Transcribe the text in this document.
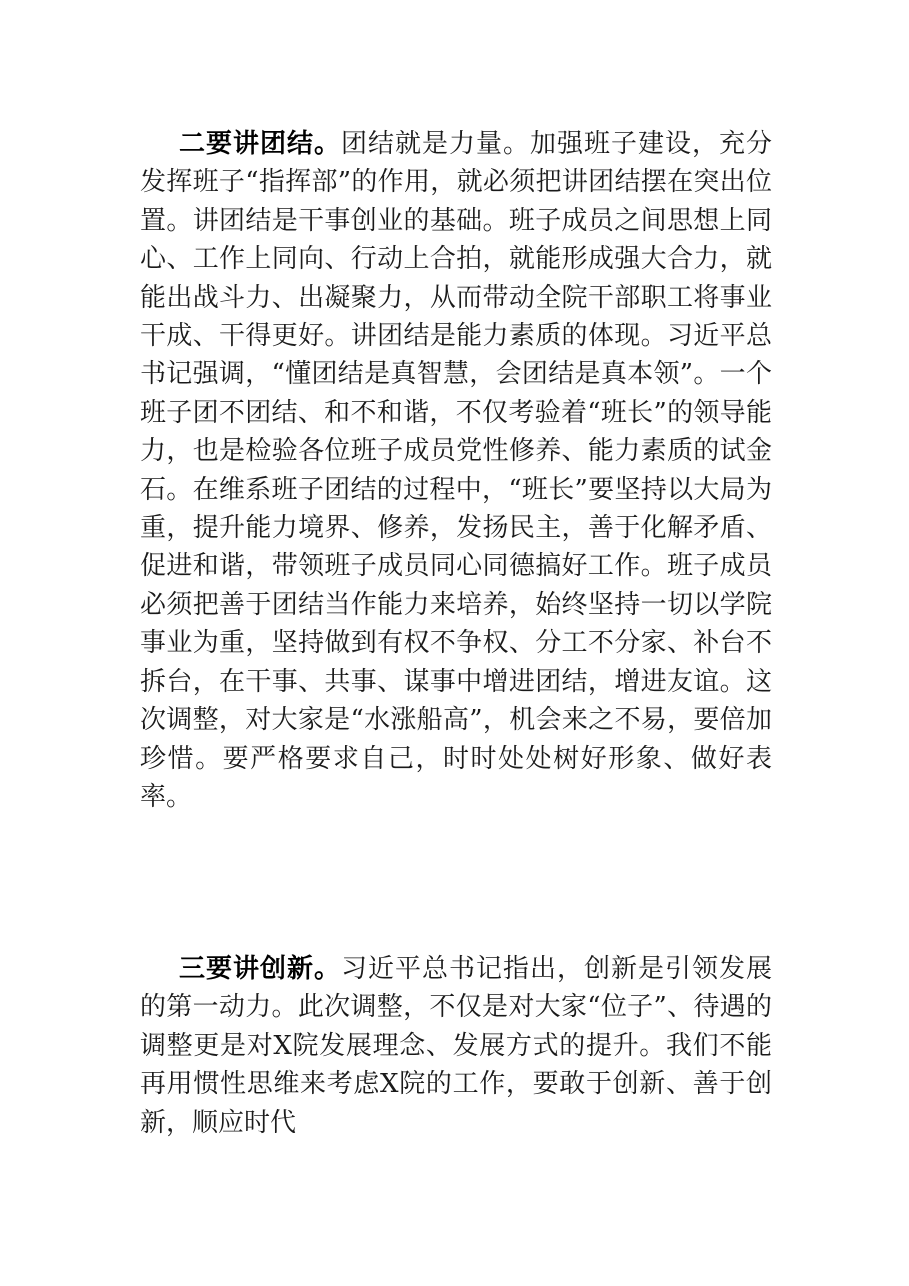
二要讲团结。团结就是力量。加强班子建设，充分发挥班子“指挥部”的作用，就必须把讲团结摆在突出位置。讲团结是干事创业的基础。班子成员之间思想上同心、工作上同向、行动上合拍，就能形成强大合力，就能出战斗力、出凝聚力，从而带动全院干部职工将事业干成、干得更好。讲团结是能力素质的体现。习近平总书记强调，“懂团结是真智慧，会团结是真本领”。一个班子团不团结、和不和谐，不仅考验着“班长”的领导能力，也是检验各位班子成员党性修养、能力素质的试金石。在维系班子团结的过程中，“班长”要坚持以大局为重，提升能力境界、修养，发扬民主，善于化解矛盾、促进和谐，带领班子成员同心同德搞好工作。班子成员必须把善于团结当作能力来培养，始终坚持一切以学院事业为重，坚持做到有权不争权、分工不分家、补台不拆台，在干事、共事、谋事中增进团结，增进友谊。这次调整，对大家是“水涨船高”，机会来之不易，要倍加珍惜。要严格要求自己，时时处处树好形象、做好表率。

三要讲创新。习近平总书记指出，创新是引领发展的第一动力。此次调整，不仅是对大家“位子”、待遇的调整更是对X院发展理念、发展方式的提升。我们不能再用惯性思维来考虑X院的工作，要敢于创新、善于创新，顺应时代
